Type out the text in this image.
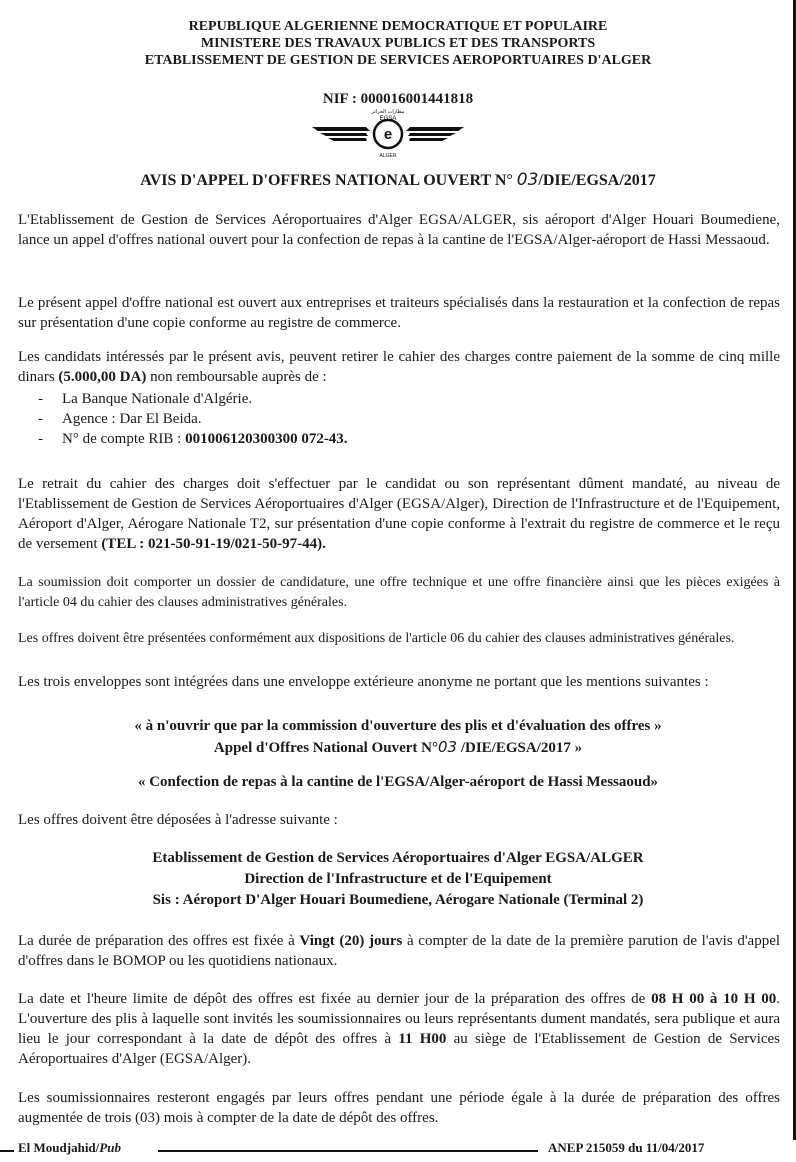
REPUBLIQUE ALGERIENNE DEMOCRATIQUE ET POPULAIRE
MINISTERE DES TRAVAUX PUBLICS ET DES TRANSPORTS
ETABLISSEMENT DE GESTION DE SERVICES AEROPORTUAIRES D'ALGER
NIF : 000016001441818
e
EGSA
ALGER
مطارات الجزائر
AVIS D'APPEL D'OFFRES NATIONAL OUVERT N° 03/DIE/EGSA/2017

L'Etablissement de Gestion de Services Aéroportuaires d'Alger EGSA/ALGER, sis aéroport d'Alger Houari Boumediene, lance un appel d'offres national ouvert pour la confection de repas à la cantine de l'EGSA/Alger-aéroport de Hassi Messaoud.

Le présent appel d'offre national est ouvert aux entreprises et traiteurs spécialisés dans la restauration et la confection de repas sur présentation d'une copie conforme au registre de commerce.

Les candidats intéressés par le présent avis, peuvent retirer le cahier des charges contre paiement de la somme de cinq mille dinars (5.000,00 DA) non remboursable auprès de :

- La Banque Nationale d'Algérie.
- Agence : Dar El Beida.
- N° de compte RIB : 001006120300300 072-43.

Le retrait du cahier des charges doit s'effectuer par le candidat ou son représentant dûment mandaté, au niveau de l'Etablissement de Gestion de Services Aéroportuaires d'Alger (EGSA/Alger), Direction de l'Infrastructure et de l'Equipement, Aéroport d'Alger, Aérogare Nationale T2, sur présentation d'une copie conforme à l'extrait du registre de commerce et le reçu de versement (TEL : 021-50-91-19/021-50-97-44).

La soumission doit comporter un dossier de candidature, une offre technique et une offre financière ainsi que les pièces exigées à l'article 04 du cahier des clauses administratives générales.

Les offres doivent être présentées conformément aux dispositions de l'article 06 du cahier des clauses administratives générales.

Les trois enveloppes sont intégrées dans une enveloppe extérieure anonyme ne portant que les mentions suivantes :

« à n'ouvrir que par la commission d'ouverture des plis et d'évaluation des offres »

Appel d'Offres National Ouvert N°03 /DIE/EGSA/2017 »

« Confection de repas à la cantine de l'EGSA/Alger-aéroport de Hassi Messaoud»

Les offres doivent être déposées à l'adresse suivante :

Etablissement de Gestion de Services Aéroportuaires d'Alger EGSA/ALGER

Direction de l'Infrastructure et de l'Equipement

Sis : Aéroport D'Alger Houari Boumediene, Aérogare Nationale (Terminal 2)

La durée de préparation des offres est fixée à Vingt (20) jours à compter de la date de la première parution de l'avis d'appel d'offres dans le BOMOP ou les quotidiens nationaux.

La date et l'heure limite de dépôt des offres est fixée au dernier jour de la préparation des offres de 08 H 00 à 10 H 00. L'ouverture des plis à laquelle sont invités les soumissionnaires ou leurs représentants dument mandatés, sera publique et aura lieu le jour correspondant à la date de dépôt des offres à 11 H00 au siège de l'Etablissement de Gestion de Services Aéroportuaires d'Alger (EGSA/Alger).

Les soumissionnaires resteront engagés par leurs offres pendant une période égale à la durée de préparation des offres augmentée de trois (03) mois à compter de la date de dépôt des offres.

El Moudjahid/Pub	ANEP 215059 du 11/04/2017
